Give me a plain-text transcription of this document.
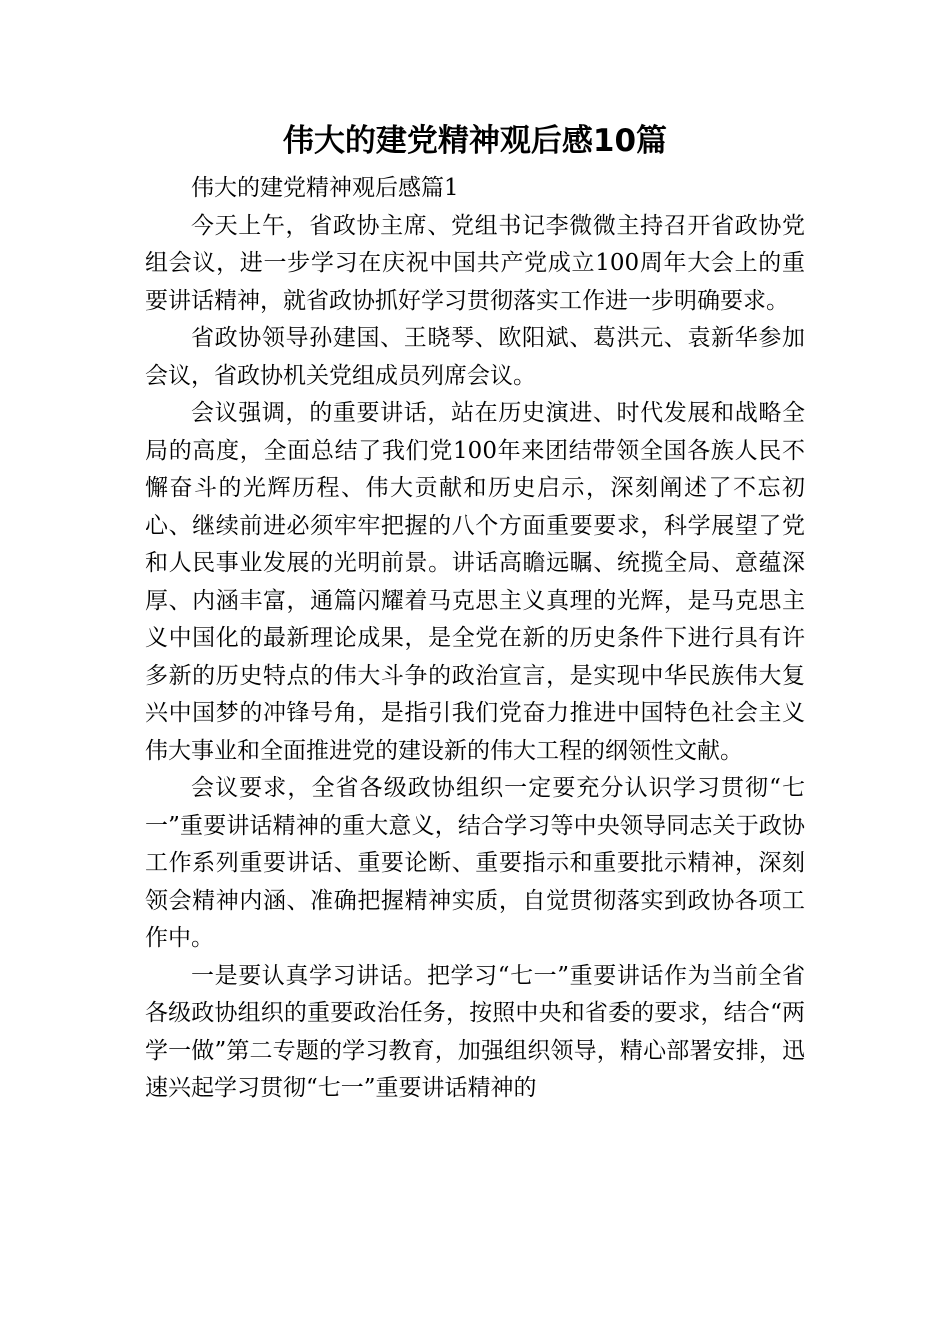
伟大的建党精神观后感10篇

伟大的建党精神观后感篇1

今天上午，省政协主席、党组书记李微微主持召开省政协党组会议，进一步学习在庆祝中国共产党成立100周年大会上的重要讲话精神，就省政协抓好学习贯彻落实工作进一步明确要求。

省政协领导孙建国、王晓琴、欧阳斌、葛洪元、袁新华参加会议，省政协机关党组成员列席会议。

会议强调，的重要讲话，站在历史演进、时代发展和战略全局的高度，全面总结了我们党100年来团结带领全国各族人民不懈奋斗的光辉历程、伟大贡献和历史启示，深刻阐述了不忘初心、继续前进必须牢牢把握的八个方面重要要求，科学展望了党和人民事业发展的光明前景。讲话高瞻远瞩、统揽全局、意蕴深厚、内涵丰富，通篇闪耀着马克思主义真理的光辉，是马克思主义中国化的最新理论成果，是全党在新的历史条件下进行具有许多新的历史特点的伟大斗争的政治宣言，是实现中华民族伟大复兴中国梦的冲锋号角，是指引我们党奋力推进中国特色社会主义伟大事业和全面推进党的建设新的伟大工程的纲领性文献。

会议要求，全省各级政协组织一定要充分认识学习贯彻“七一”重要讲话精神的重大意义，结合学习等中央领导同志关于政协工作系列重要讲话、重要论断、重要指示和重要批示精神，深刻领会精神内涵、准确把握精神实质，自觉贯彻落实到政协各项工作中。

一是要认真学习讲话。把学习“七一”重要讲话作为当前全省各级政协组织的重要政治任务，按照中央和省委的要求，结合“两学一做”第二专题的学习教育，加强组织领导，精心部署安排，迅速兴起学习贯彻“七一”重要讲话精神的
